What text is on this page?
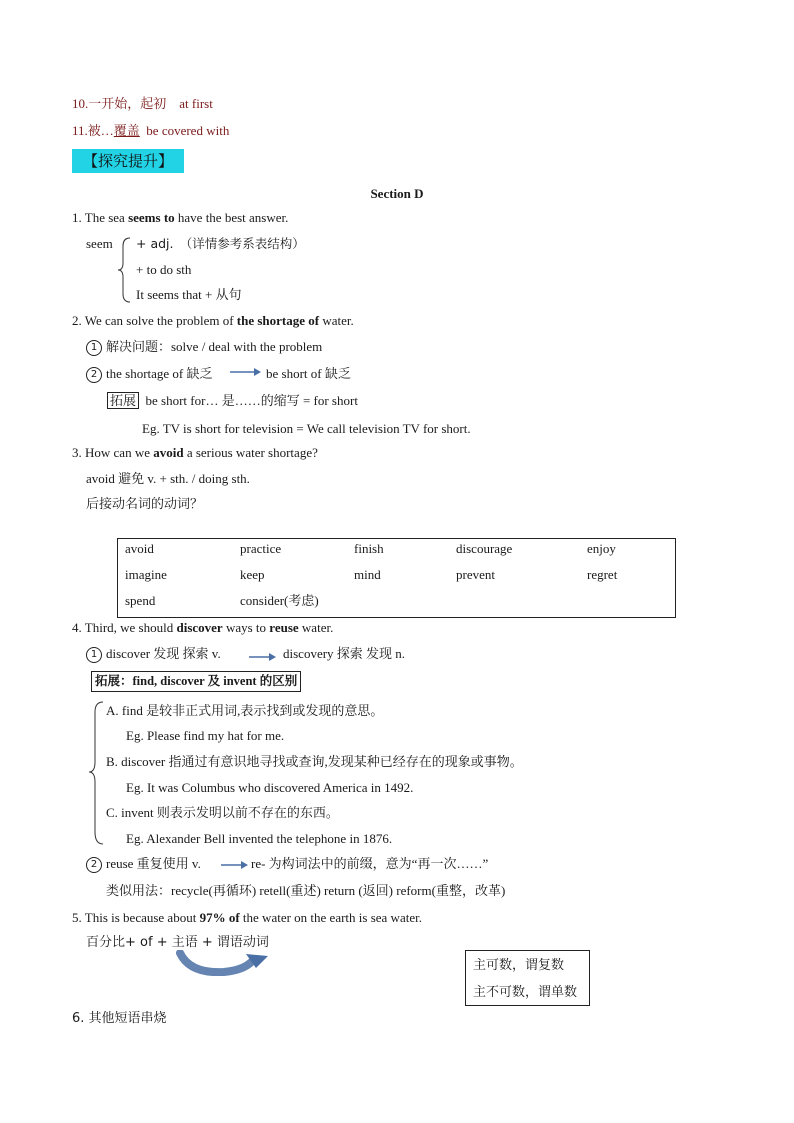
10.一开始，起初　at first
11.被…覆盖 be covered with
【探究提升】
Section D
1. The sea seems to have the best answer.
seem + adj.　（详情参考系表结构）
+ to do sth
It seems that + 从句
2. We can solve the problem of the shortage of water.
1 解决问题：solve / deal with the problem
2 the shortage of 缺乏	be short of 缺乏
拓展 be short for… 是……的缩写 = for short
Eg. TV is short for television = We call television TV for short.
3. How can we avoid a serious water shortage?
avoid 避免 v. + sth. / doing sth.
后接动名词的动词？
avoid	practice	finish	discourage	enjoy
imagine	keep	mind	prevent	regret
spend	consider(考虑)			
4. Third, we should discover ways to reuse water.
1 discover 发现 探索 v.	discovery 探索 发现 n.
拓展：find, discover 及 invent 的区别
A. find 是较非正式用词,表示找到或发现的意思。
Eg. Please find my hat for me.
B. discover 指通过有意识地寻找或查询,发现某种已经存在的现象或事物。
Eg. It was Columbus who discovered America in 1492.
C. invent 则表示发明以前不存在的东西。
Eg. Alexander Bell invented the telephone in 1876.
2 reuse 重复使用 v.	re- 为构词法中的前缀，意为“再一次……”
类似用法：recycle(再循环) retell(重述) return (返回) reform(重整，改革)
5. This is because about 97% of the water on the earth is sea water.
百分比+ of + 主语 + 谓语动词
主可数，谓复数
主不可数，谓单数
6. 其他短语串烧
